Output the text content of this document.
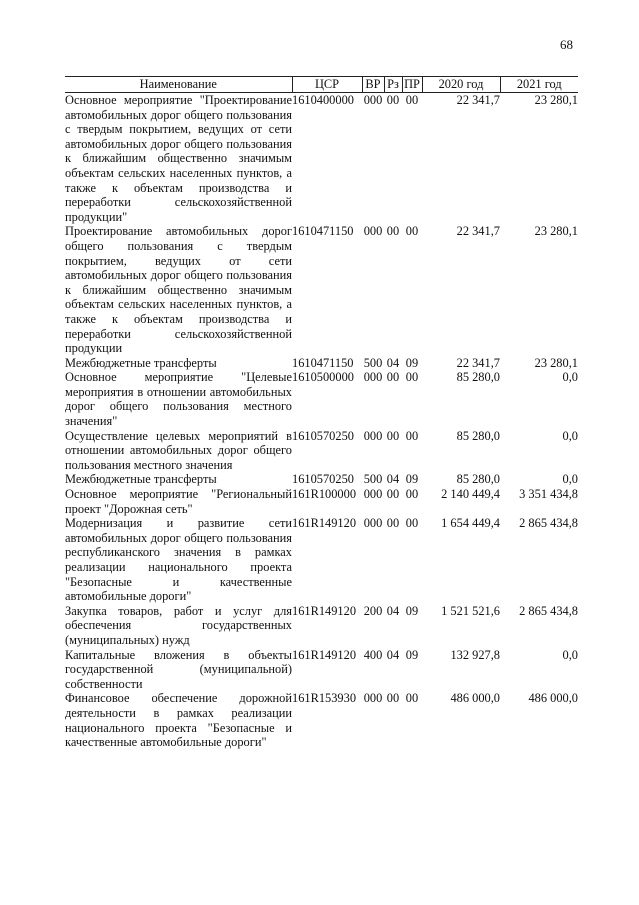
68
Наименование	ЦСР	ВР	Рз	ПР	2020 год	2021 год
Основное мероприятие "Проектирование автомобильных дорог общего пользования с твердым покрытием, ведущих от сети автомобильных дорог общего пользования к ближайшим общественно значимым объектам сельских населенных пунктов, а также к объектам производства и переработки сельскохозяйственной продукции"	1610400000	000	00	00	22 341,7	23 280,1
Проектирование автомобильных дорог общего пользования с твердым покрытием, ведущих от сети автомобильных дорог общего пользования к ближайшим общественно значимым объектам сельских населенных пунктов, а также к объектам производства и переработки сельскохозяйственной продукции	1610471150	000	00	00	22 341,7	23 280,1
Межбюджетные трансферты	1610471150	500	04	09	22 341,7	23 280,1
Основное мероприятие "Целевые мероприятия в отношении автомобильных дорог общего пользования местного значения"	1610500000	000	00	00	85 280,0	0,0
Осуществление целевых мероприятий в отношении автомобильных дорог общего пользования местного значения	1610570250	000	00	00	85 280,0	0,0
Межбюджетные трансферты	1610570250	500	04	09	85 280,0	0,0
Основное мероприятие "Региональный проект "Дорожная сеть"	161R100000	000	00	00	2 140 449,4	3 351 434,8
Модернизация и развитие сети автомобильных дорог общего пользования республиканского значения в рамках реализации национального проекта "Безопасные и качественные автомобильные дороги"	161R149120	000	00	00	1 654 449,4	2 865 434,8
Закупка товаров, работ и услуг для обеспечения государственных (муниципальных) нужд	161R149120	200	04	09	1 521 521,6	2 865 434,8
Капитальные вложения в объекты государственной (муниципальной) собственности	161R149120	400	04	09	132 927,8	0,0
Финансовое обеспечение дорожной деятельности в рамках реализации национального проекта "Безопасные и качественные автомобильные дороги"	161R153930	000	00	00	486 000,0	486 000,0
